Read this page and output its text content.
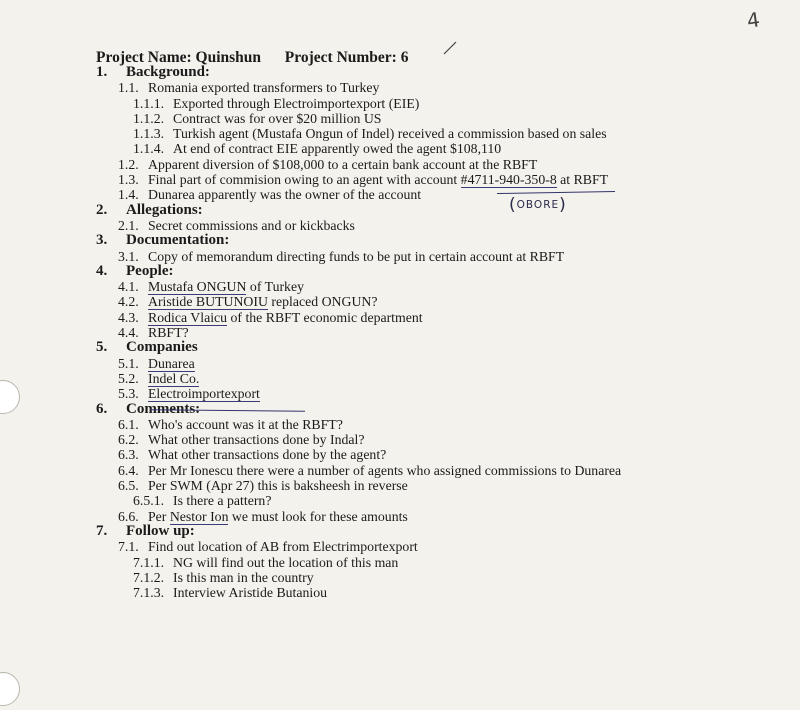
4
Project Name: Quinshun Project Number: 6
1. Background:
1.1. Romania exported transformers to Turkey
1.1.1. Exported through Electroimportexport (EIE)
1.1.2. Contract was for over $20 million US
1.1.3. Turkish agent (Mustafa Ongun of Indel) received a commission based on sales
1.1.4. At end of contract EIE apparently owed the agent $108,110
1.2. Apparent diversion of $108,000 to a certain bank account at the RBFT
1.3. Final part of commision owing to an agent with account #4711-940-350-8 at RBFT
1.4. Dunarea apparently was the owner of the account
2. Allegations:
2.1. Secret commissions and or kickbacks
3. Documentation:
3.1. Copy of memorandum directing funds to be put in certain account at RBFT
4. People:
4.1. Mustafa ONGUN of Turkey
4.2. Aristide BUTUNOIU replaced ONGUN?
4.3. Rodica Vlaicu of the RBFT economic department
4.4. RBFT?
5. Companies
5.1. Dunarea
5.2. Indel Co.
5.3. Electroimportexport
6. Comments:
6.1. Who's account was it at the RBFT?
6.2. What other transactions done by Indal?
6.3. What other transactions done by the agent?
6.4. Per Mr Ionescu there were a number of agents who assigned commissions to Dunarea
6.5. Per SWM (Apr 27) this is baksheesh in reverse
6.5.1. Is there a pattern?
6.6. Per Nestor Ion we must look for these amounts
7. Follow up:
7.1. Find out location of AB from Electrimportexport
7.1.1. NG will find out the location of this man
7.1.2. Is this man in the country
7.1.3. Interview Aristide Butaniou
(OBORE)
